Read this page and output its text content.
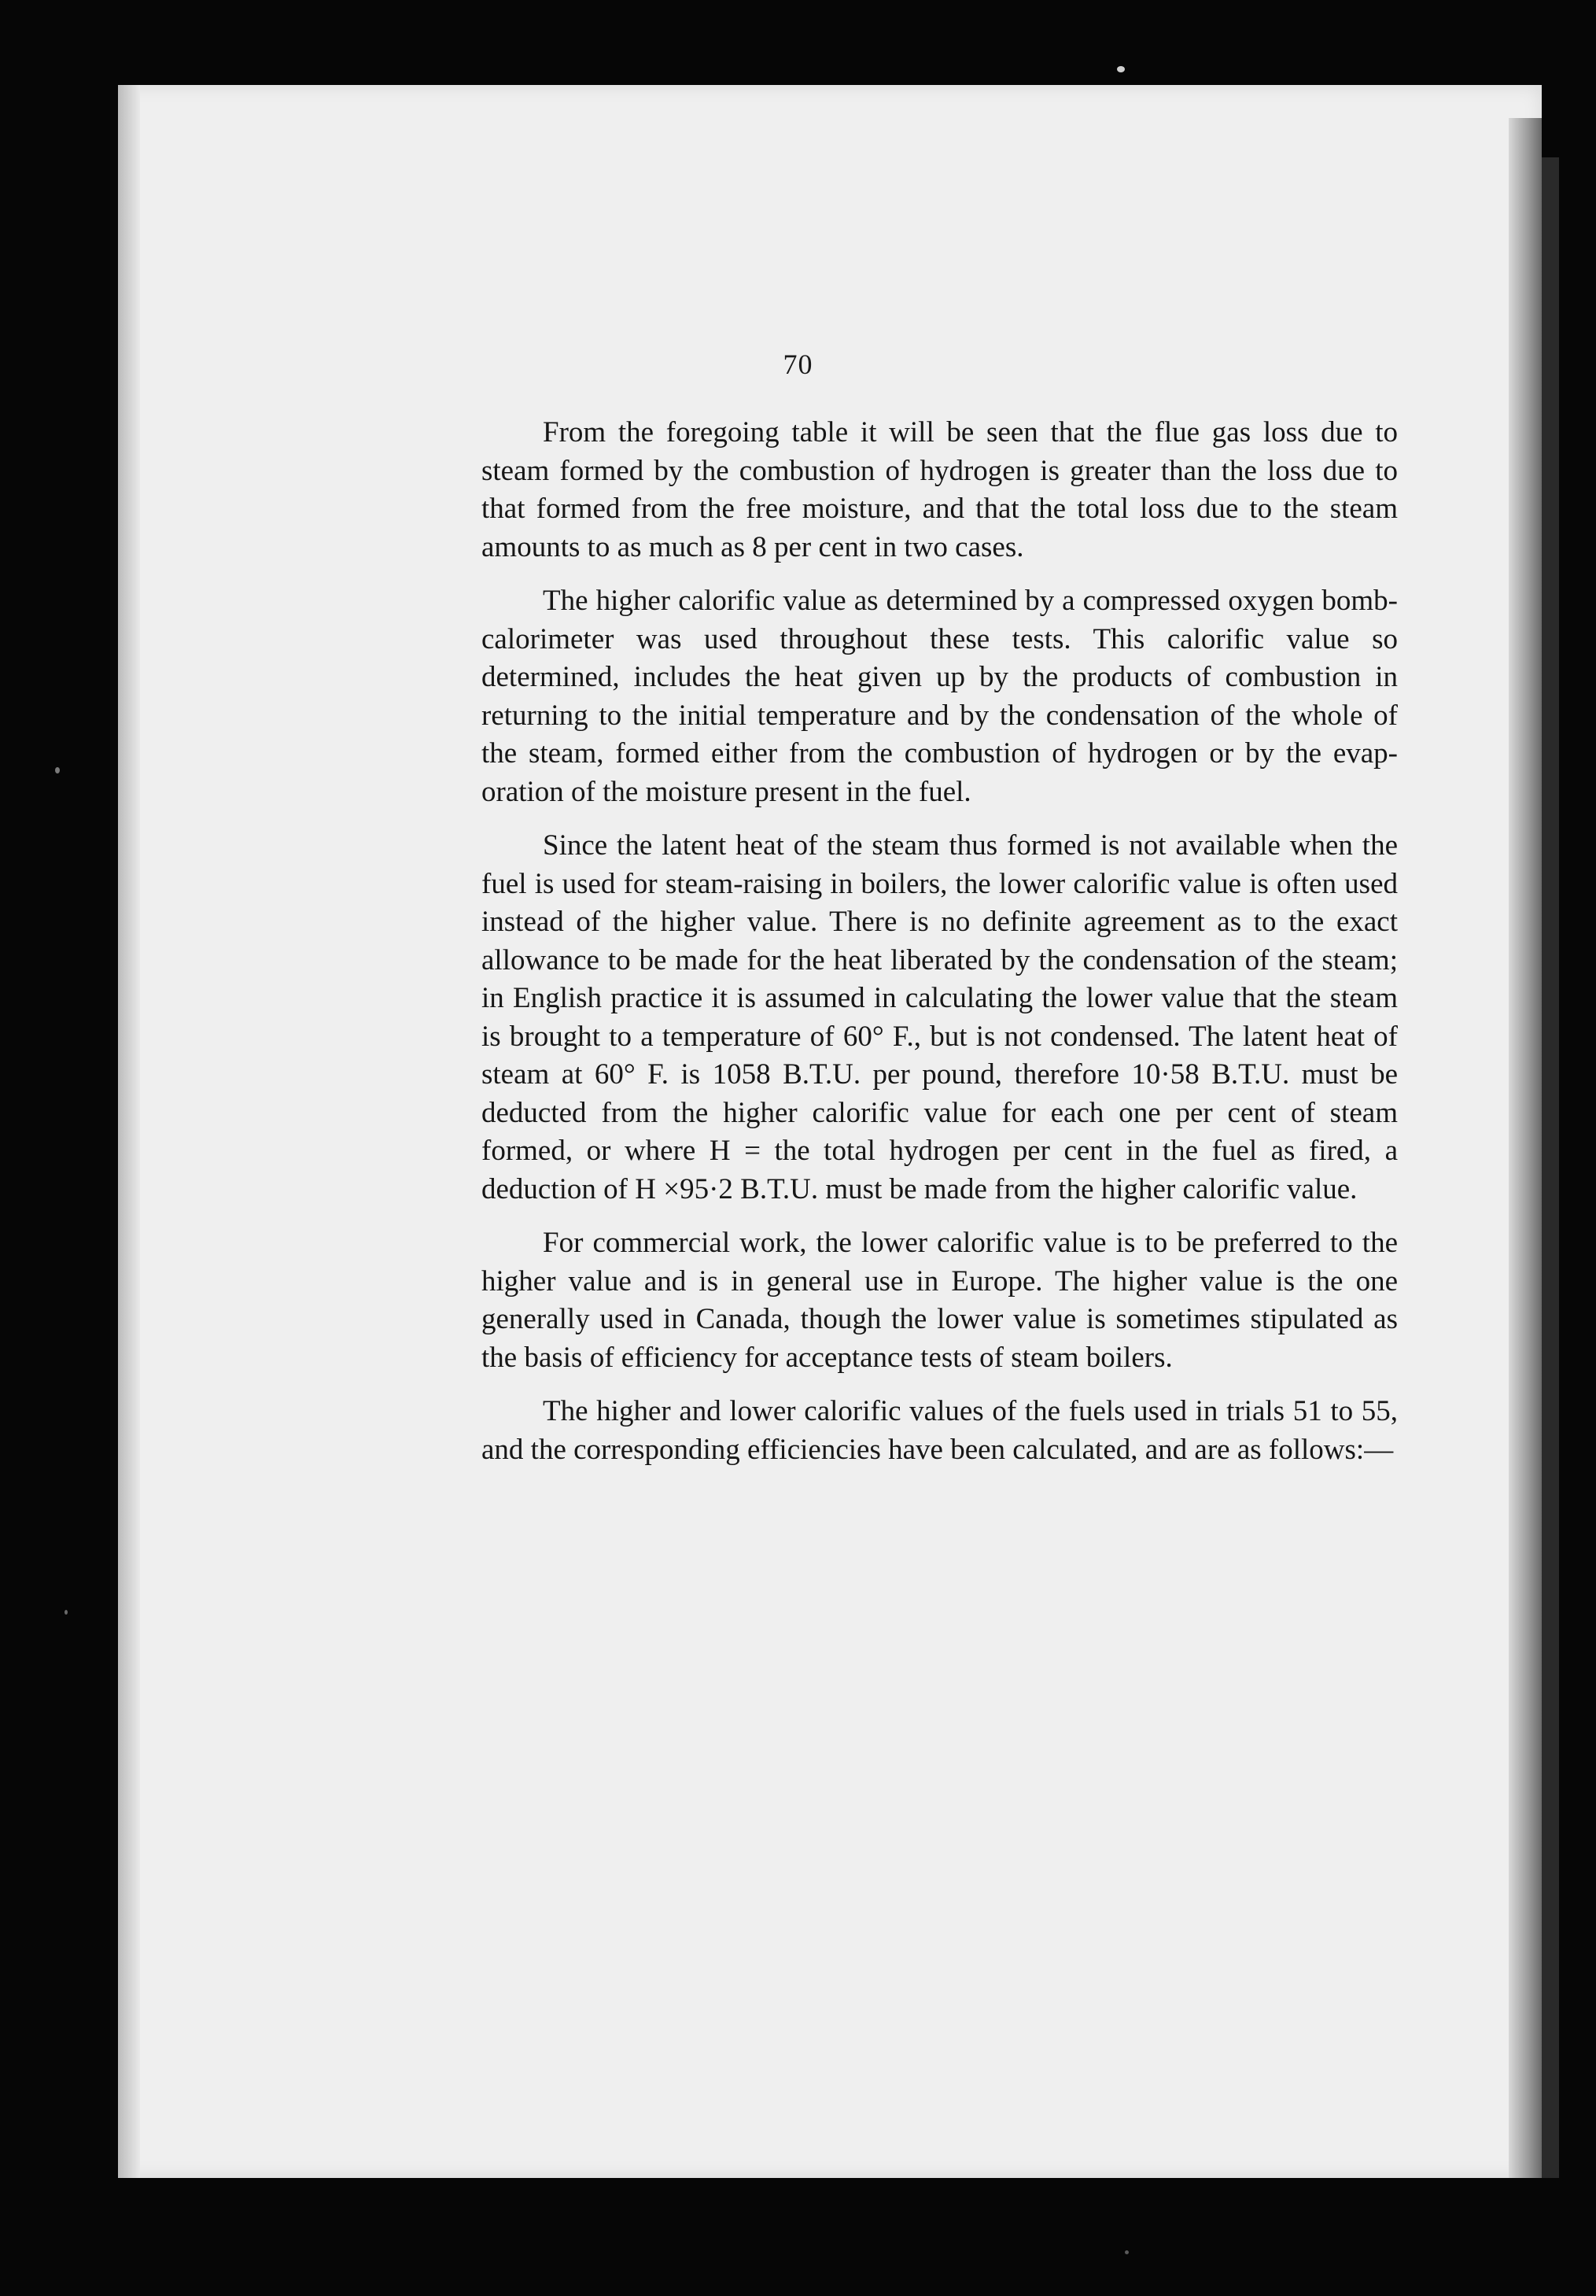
70

From the foregoing table it will be seen that the flue gas loss due to steam formed by the combustion of hydrogen is greater than the loss due to that formed from the free moisture, and that the total loss due to the steam amounts to as much as 8 per cent in two cases.

The higher calorific value as determined by a compressed oxygen bomb-calorimeter was used throughout these tests. This calorific value so determined, includes the heat given up by the products of combustion in returning to the initial temperature and by the condensation of the whole of the steam, formed either from the combustion of hydrogen or by the evaporation of the moisture present in the fuel.

Since the latent heat of the steam thus formed is not available when the fuel is used for steam-raising in boilers, the lower calorific value is often used instead of the higher value. There is no definite agreement as to the exact allowance to be made for the heat liberated by the condensation of the steam; in English practice it is assumed in calculating the lower value that the steam is brought to a temperature of 60° F., but is not condensed. The latent heat of steam at 60° F. is 1058 B.T.U. per pound, therefore 10·58 B.T.U. must be deducted from the higher calorific value for each one per cent of steam formed, or where H = the total hydrogen per cent in the fuel as fired, a deduction of H ×95·2 B.T.U. must be made from the higher calorific value.

For commercial work, the lower calorific value is to be preferred to the higher value and is in general use in Europe. The higher value is the one generally used in Canada, though the lower value is sometimes stipulated as the basis of efficiency for acceptance tests of steam boilers.

The higher and lower calorific values of the fuels used in trials 51 to 55, and the corresponding efficiencies have been calculated, and are as follows:—
